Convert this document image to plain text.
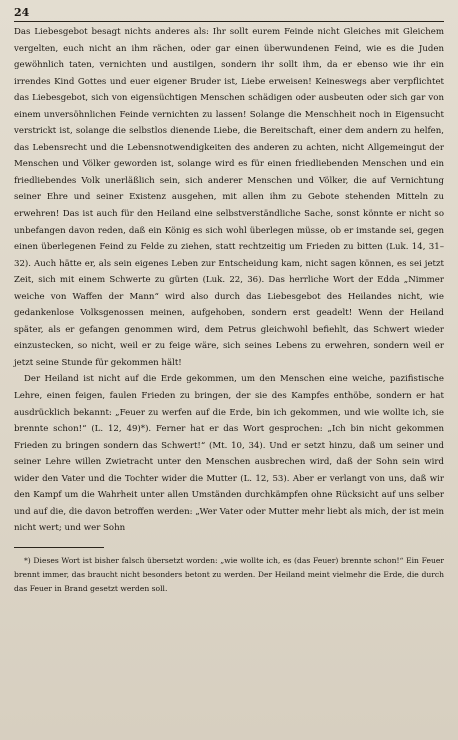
24

Das Liebesgebot besagt nichts anderes als: Ihr sollt eurem Feinde nicht Gleiches mit Gleichem vergelten, euch nicht an ihm rächen, oder gar einen überwundenen Feind, wie es die Juden gewöhnlich taten, vernichten und austilgen, sondern ihr sollt ihm, da er ebenso wie ihr ein irrendes Kind Gottes und euer eigener Bruder ist, Liebe erweisen! Keineswegs aber verpflichtet das Liebesgebot, sich von eigensüchtigen Menschen schädigen oder ausbeuten oder sich gar von einem unversöhnlichen Feinde vernichten zu lassen! Solange die Menschheit noch in Eigensucht verstrickt ist, solange die selbstlos dienende Liebe, die Bereitschaft, einer dem andern zu helfen, das Lebensrecht und die Lebensnotwendigkeiten des anderen zu achten, nicht Allgemeingut der Menschen und Völker geworden ist, solange wird es für einen friedliebenden Menschen und ein friedliebendes Volk unerläßlich sein, sich anderer Menschen und Völker, die auf Vernichtung seiner Ehre und seiner Existenz ausgehen, mit allen ihm zu Gebote stehenden Mitteln zu erwehren! Das ist auch für den Heiland eine selbstverständliche Sache, sonst könnte er nicht so unbefangen davon reden, daß ein König es sich wohl überlegen müsse, ob er imstande sei, gegen einen überlegenen Feind zu Felde zu ziehen, statt rechtzeitig um Frieden zu bitten (Luk. 14, 31–32). Auch hätte er, als sein eigenes Leben zur Entscheidung kam, nicht sagen können, es sei jetzt Zeit, sich mit einem Schwerte zu gürten (Luk. 22, 36). Das herrliche Wort der Edda „Nimmer weiche von Waffen der Mann“ wird also durch das Liebesgebot des Heilandes nicht, wie gedankenlose Volksgenossen meinen, aufgehoben, sondern erst geadelt! Wenn der Heiland später, als er gefangen genommen wird, dem Petrus gleichwohl befiehlt, das Schwert wieder einzustecken, so nicht, weil er zu feige wäre, sich seines Lebens zu erwehren, sondern weil er jetzt seine Stunde für gekommen hält!

Der Heiland ist nicht auf die Erde gekommen, um den Menschen eine weiche, pazifistische Lehre, einen feigen, faulen Frieden zu bringen, der sie des Kampfes enthöbe, sondern er hat ausdrücklich bekannt: „Feuer zu werfen auf die Erde, bin ich gekommen, und wie wollte ich, sie brennte schon!“ (L. 12, 49)*). Ferner hat er das Wort gesprochen: „Ich bin nicht gekommen Frieden zu bringen sondern das Schwert!“ (Mt. 10, 34). Und er setzt hinzu, daß um seiner und seiner Lehre willen Zwietracht unter den Menschen ausbrechen wird, daß der Sohn sein wird wider den Vater und die Tochter wider die Mutter (L. 12, 53). Aber er verlangt von uns, daß wir den Kampf um die Wahrheit unter allen Umständen durchkämpfen ohne Rücksicht auf uns selber und auf die, die davon betroffen werden: „Wer Vater oder Mutter mehr liebt als mich, der ist mein nicht wert; und wer Sohn

*) Dieses Wort ist bisher falsch übersetzt worden: „wie wollte ich, es (das Feuer) brennte schon!“ Ein Feuer brennt immer, das braucht nicht besonders betont zu werden. Der Heiland meint vielmehr die Erde, die durch das Feuer in Brand gesetzt werden soll.
